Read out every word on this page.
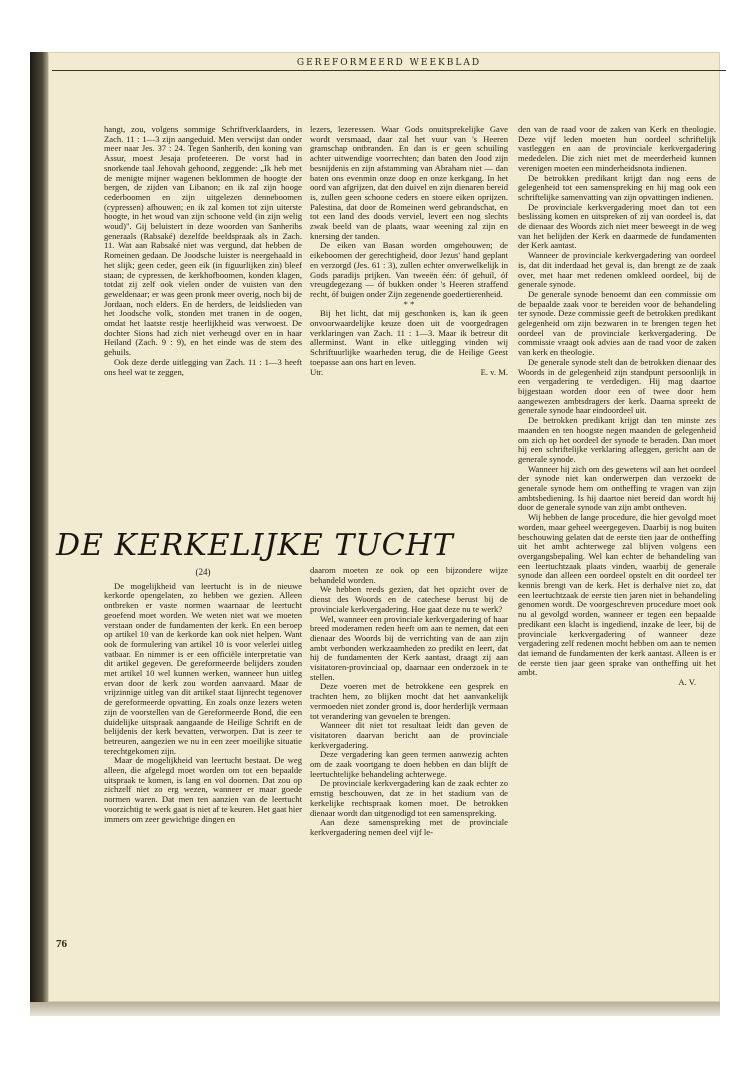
GEREFORMEERD WEEKBLAD

hangt, zou, volgens sommige Schriftverklaarders, in Zach. 11 : 1—3 zijn aangeduid. Men verwijst dan onder meer naar Jes. 37 : 24. Tegen Sanherib, den koning van Assur, moest Jesaja profeteeren. De vorst had in snorkende taal Jehovah gehoond, zeggende: „Ik heb met de menigte mijner wagenen beklommen de hoogte der bergen, de zijden van Libanon; en ik zal zijn hooge cederboomen en zijn uitgelezen denneboomen (cypressen) afhouwen; en ik zal komen tot zijn uiterste hoogte, in het woud van zijn schoone veld (in zijn welig woud)". Gij beluistert in deze woorden van Sanheribs generaals (Rabsaké) dezelfde beeldspraak als in Zach. 11. Wat aan Rabsaké niet was vergund, dat hebben de Romeinen gedaan. De Joodsche luister is neergehaald in het slijk; geen ceder, geen eik (in figuurlijken zin) bleef staan; de cypressen, de kerkhofboomen, konden klagen, totdat zij zelf ook vielen onder de vuisten van den geweldenaar; er was geen pronk meer overig, noch bij de Jordaan, noch elders. En de herders, de leidslieden van het Joodsche volk, stonden met tranen in de oogen, omdat het laatste restje heerlijkheid was verwoest. De dochter Sions had zich niet verheugd over en in haar Heiland (Zach. 9 : 9), en het einde was de stem des gehuils.

Ook deze derde uitlegging van Zach. 11 : 1—3 heeft ons heel wat te zeggen,

lezers, lezeressen. Waar Gods onuitsprekelijke Gave wordt versmaad, daar zal het vuur van 's Heeren gramschap ontbranden. En dan is er geen schuiling achter uitwendige voorrechten; dan baten den Jood zijn besnijdenis en zijn afstamming van Abraham niet — dan baten ons evenmin onze doop en onze kerkgang. In het oord van afgrijzen, dat den duivel en zijn dienaren bereid is, zullen geen schoone ceders en stoere eiken oprijzen. Palestina, dat door de Romeinen werd gebrandschat, en tot een land des doods verviel, levert een nog slechts zwak beeld van de plaats, waar weening zal zijn en knersing der tanden.

De eiken van Basan worden omgehouwen; de eikeboomen der gerechtigheid, door Jezus' hand geplant en verzorgd (Jes. 61 : 3), zullen echter onverwelkelijk in Gods paradijs prijken. Van tweeën één: óf gehuil, óf vreugdegezang — óf bukken onder 's Heeren straffend recht, óf buigen onder Zijn zegenende goedertierenheid.

* *

Bij het licht, dat mij geschonken is, kan ik geen onvoorwaardelijke keuze doen uit de voorgedragen verklaringen van Zach. 11 : 1—3. Maar ik betreur dit allerminst. Want in elke uitlegging vinden wij Schriftuurlijke waarheden terug, die de Heilige Geest toepasse aan ons hart en leven.

Utr.	E. v. M.

den van de raad voor de zaken van Kerk en theologie. Deze vijf leden moeten hun oordeel schriftelijk vastleggen en aan de provinciale kerkvergadering mededelen. Die zich niet met de meerderheid kunnen verenigen moeten een minderheidsnota indienen.

De betrokken predikant krijgt dan nog eens de gelegenheid tot een samenspreking en hij mag ook een schriftelijke samenvatting van zijn opvattingen indienen.

De provinciale kerkvergadering moet dan tot een beslissing komen en uitspreken of zij van oordeel is, dat de dienaar des Woords zich niet meer beweegt in de weg van het belijden der Kerk en daarmede de fundamenten der Kerk aantast.

Wanneer de provinciale kerkvergadering van oordeel is, dat dit inderdaad het geval is, dan brengt ze de zaak over, met haar met redenen omkleed oordeel, bij de generale synode.

De generale synode benoemt dan een commissie om de bepaalde zaak voor te bereiden voor de behandeling ter synode. Deze commissie geeft de betrokken predikant gelegenheid om zijn bezwaren in te brengen tegen het oordeel van de provinciale kerkvergadering. De commissie vraagt ook advies aan de raad voor de zaken van kerk en theologie.

De generale synode stelt dan de betrokken dienaar des Woords in de gelegenheid zijn standpunt persoonlijk in een vergadering te verdedigen. Hij mag daartoe bijgestaan worden door een of twee door hem aangewezen ambtsdragers der kerk. Daarna spreekt de generale synode haar eindoordeel uit.

De betrokken predikant krijgt dan ten minste zes maanden en ten hoogste negen maanden de gelegenheid om zich op het oordeel der synode te beraden. Dan moet hij een schriftelijke verklaring afleggen, gericht aan de generale synode.

Wanneer hij zich om des gewetens wil aan het oordeel der synode niet kan onderwerpen dan verzoekt de generale synode hem om ontheffing te vragen van zijn ambtsbediening. Is hij daartoe niet bereid dan wordt hij door de generale synode van zijn ambt ontheven.

Wij hebben de lange procedure, die hier gevolgd moet worden, maar geheel weergegeven. Daarbij is nog buiten beschouwing gelaten dat de eerste tien jaar de ontheffing uit het ambt achterwege zal blijven volgens een overgangsbepaling. Wel kan echter de behandeling van een leertuchtzaak plaats vinden, waarbij de generale synode dan alleen een oordeel opstelt en dit oordeel ter kennis brengt van de kerk. Het is derhalve niet zo, dat een leertuchtzaak de eerste tien jaren niet in behandeling genomen wordt. De voorgeschreven procedure moet ook nu al gevolgd worden, wanneer er tegen een bepaalde predikant een klacht is ingediend, inzake de leer, bij de provinciale kerkvergadering of wanneer deze vergadering zelf redenen mocht hebben om aan te nemen dat iemand de fundamenten der kerk aantast. Alleen is er de eerste tien jaar geen sprake van ontheffing uit het ambt.

A. V.
DE KERKELIJKE TUCHT
(24)

De mogelijkheid van leertucht is in de nieuwe kerkorde opengelaten, zo hebben we gezien. Alleen ontbreken er vaste normen waarnaar de leertucht geoefend moet worden. We weten niet wat we moeten verstaan onder de fundamenten der kerk. En een beroep op artikel 10 van de kerkorde kan ook niet helpen. Want ook de formulering van artikel 10 is voor velerlei uitleg vatbaar. En nimmer is er een officiële interpretatie van dit artikel gegeven. De gereformeerde belijders zouden met artikel 10 wel kunnen werken, wanneer hun uitleg ervan door de kerk zou worden aanvaard. Maar de vrijzinnige uitleg van dit artikel staat lijnrecht tegenover de gereformeerde opvatting. En zoals onze lezers weten zijn de voorstellen van de Gereformeerde Bond, die een duidelijke uitspraak aangaande de Heilige Schrift en de belijdenis der kerk bevatten, verworpen. Dat is zeer te betreuren, aangezien we nu in een zeer moeilijke situatie terechtgekomen zijn.

Maar de mogelijkheid van leertucht bestaat. De weg alleen, die afgelegd moet worden om tot een bepaalde uitspraak te komen, is lang en vol doornen. Dat zou op zichzelf niet zo erg wezen, wanneer er maar goede normen waren. Dat men ten aanzien van de leertucht voorzichtig te werk gaat is niet af te keuren. Het gaat hier immers om zeer gewichtige dingen en

daarom moeten ze ook op een bijzondere wijze behandeld worden.

We hebben reeds gezien, dat het opzicht over de dienst des Woords en de catechese berust bij de provinciale kerkvergadering. Hoe gaat deze nu te werk?

Wel, wanneer een provinciale kerkvergadering of haar breed moderamen reden heeft om aan te nemen, dat een dienaar des Woords bij de verrichting van de aan zijn ambt verbonden werkzaamheden zo predikt en leert, dat hij de fundamenten der Kerk aantast, draagt zij aan visitatoren-provinciaal op, daarnaar een onderzoek in te stellen.

Deze voeren met de betrokkene een gesprek en trachten hem, zo blijken mocht dat het aanvankelijk vermoeden niet zonder grond is, door herderlijk vermaan tot verandering van gevoelen te brengen.

Wanneer dit niet tot resultaat leidt dan geven de visitatoren daarvan bericht aan de provinciale kerkvergadering.

Deze vergadering kan geen termen aanwezig achten om de zaak voortgang te doen hebben en dan blijft de leertuchtelijke behandeling achterwege.

De provinciale kerkvergadering kan de zaak echter zo ernstig beschouwen, dat ze in het stadium van de kerkelijke rechtspraak komen moet. De betrokken dienaar wordt dan uitgenodigd tot een samenspreking.

Aan deze samenspreking met de provinciale kerkvergadering nemen deel vijf le-

76
